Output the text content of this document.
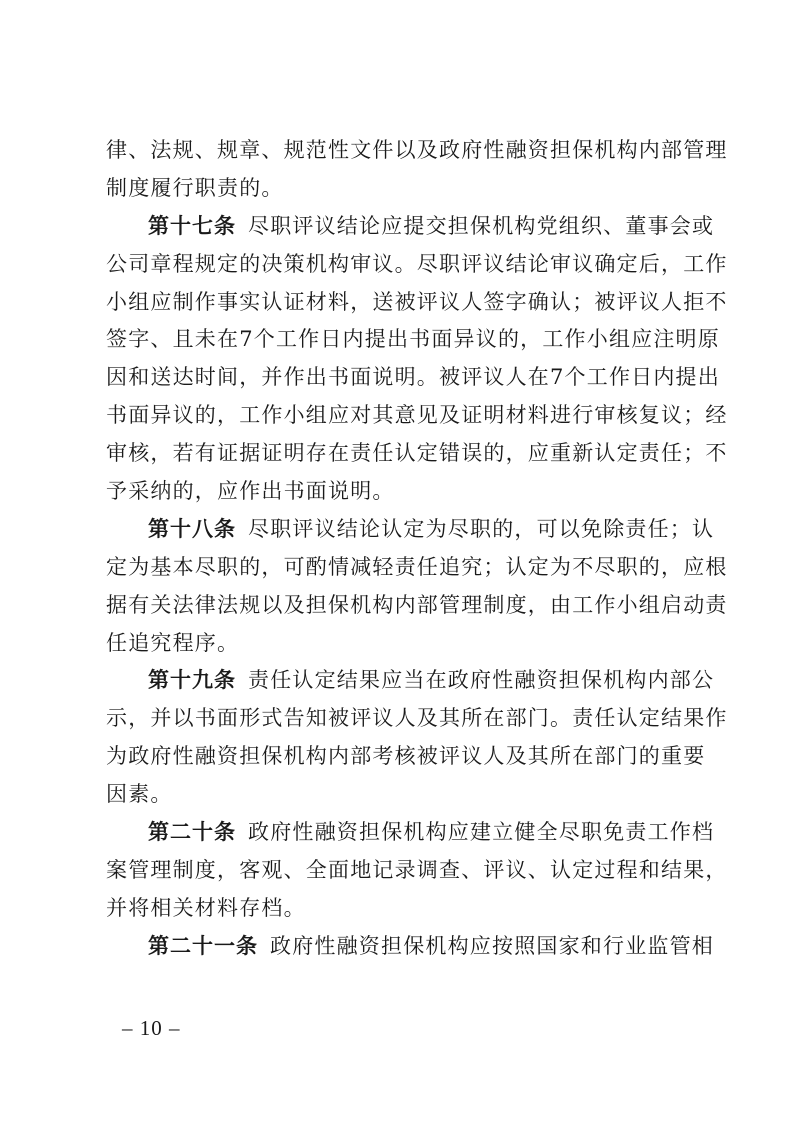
律、法规、规章、规范性文件以及政府性融资担保机构内部管理
制度履行职责的。
第十七条 尽职评议结论应提交担保机构党组织、董事会或
公司章程规定的决策机构审议。尽职评议结论审议确定后，工作
小组应制作事实认证材料，送被评议人签字确认；被评议人拒不
签字、且未在7个工作日内提出书面异议的，工作小组应注明原
因和送达时间，并作出书面说明。被评议人在7个工作日内提出
书面异议的，工作小组应对其意见及证明材料进行审核复议；经
审核，若有证据证明存在责任认定错误的，应重新认定责任；不
予采纳的，应作出书面说明。
第十八条 尽职评议结论认定为尽职的，可以免除责任；认
定为基本尽职的，可酌情减轻责任追究；认定为不尽职的，应根
据有关法律法规以及担保机构内部管理制度，由工作小组启动责
任追究程序。
第十九条 责任认定结果应当在政府性融资担保机构内部公
示，并以书面形式告知被评议人及其所在部门。责任认定结果作
为政府性融资担保机构内部考核被评议人及其所在部门的重要
因素。
第二十条 政府性融资担保机构应建立健全尽职免责工作档
案管理制度，客观、全面地记录调查、评议、认定过程和结果，
并将相关材料存档。
第二十一条 政府性融资担保机构应按照国家和行业监管相
– 10 –
